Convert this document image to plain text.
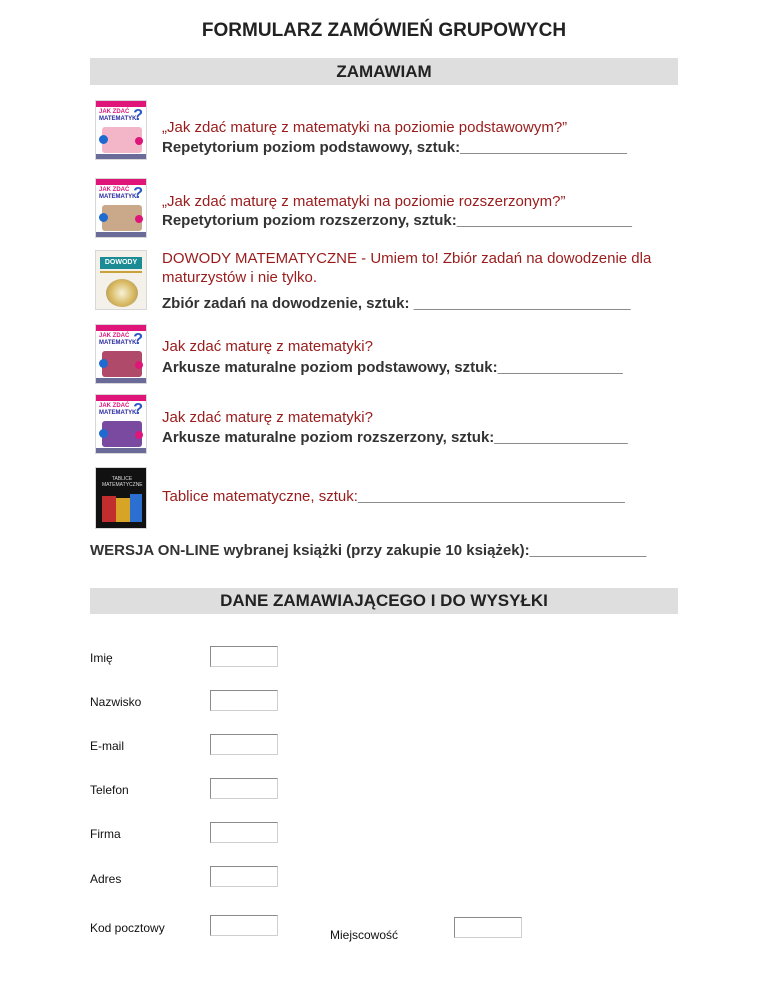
FORMULARZ ZAMÓWIEŃ GRUPOWYCH
ZAMAWIAM
JAK ZDAĆ
MATEMATYKI
?
„Jak zdać maturę z matematyki na poziomie podstawowym?”
Repetytorium poziom podstawowy, sztuk:____________________
JAK ZDAĆ
MATEMATYKI
? „Jak zdać maturę z matematyki na poziomie rozszerzonym?”
Repetytorium poziom rozszerzony, sztuk:_____________________
DOWODY	DOWODY MATEMATYCZNE - Umiem to! Zbiór zadań na dowodzenie dla maturzystów i nie tylko.
Zbiór zadań na dowodzenie, sztuk: __________________________
JAK ZDAĆ
MATEMATYKI
? Jak zdać maturę z matematyki?
Arkusze maturalne poziom podstawowy, sztuk:_______________
JAK ZDAĆ
MATEMATYKI
? Jak zdać maturę z matematyki?
Arkusze maturalne poziom rozszerzony, sztuk:________________
TABLICE
MATEMATYCZNE
Tablice matematyczne, sztuk:________________________________
WERSJA ON-LINE wybranej książki (przy zakupie 10 książek):______________
DANE ZAMAWIAJĄCEGO I DO WYSYŁKI
Imię
Nazwisko
E-mail
Telefon
Firma
Adres
Kod pocztowy	Miejscowość
